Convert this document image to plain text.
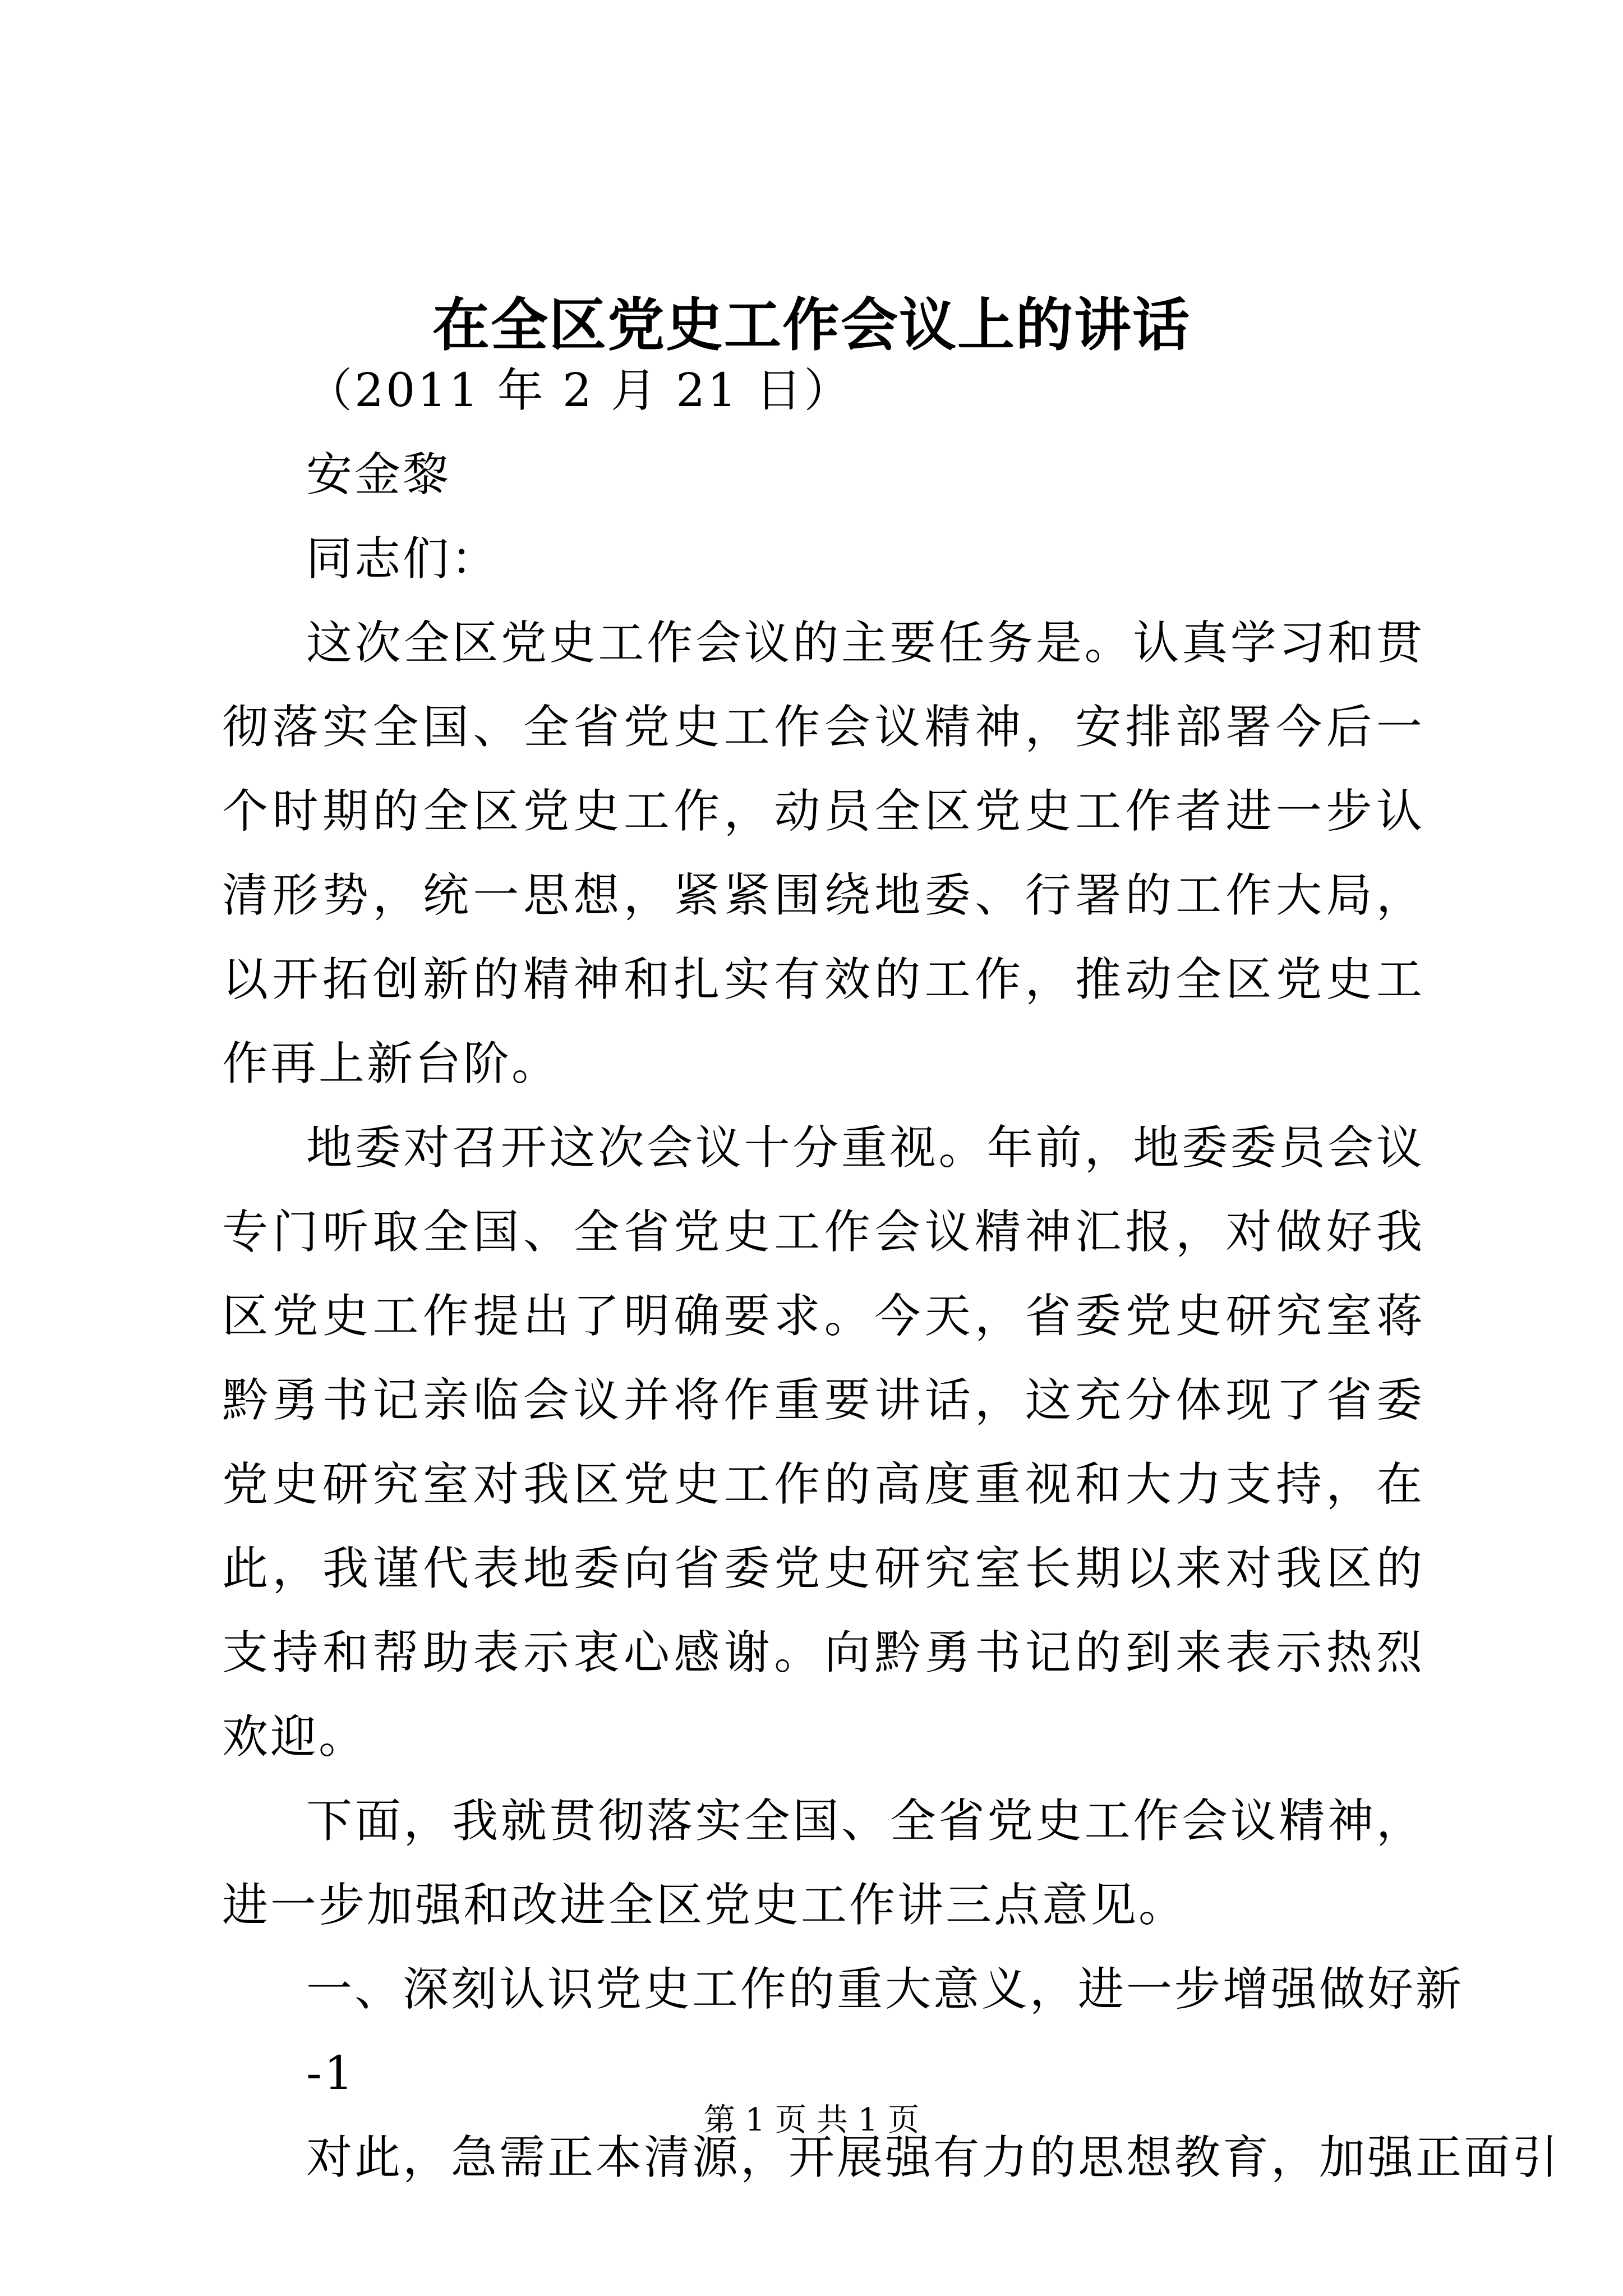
在全区党史工作会议上的讲话

（2011 年 2 月 21 日）

安金黎

同志们：

这次全区党史工作会议的主要任务是。认真学习和贯彻落实全国、全省党史工作会议精神，安排部署今后一个时期的全区党史工作，动员全区党史工作者进一步认清形势，统一思想，紧紧围绕地委、行署的工作大局，以开拓创新的精神和扎实有效的工作，推动全区党史工作再上新台阶。

地委对召开这次会议十分重视。年前，地委委员会议专门听取全国、全省党史工作会议精神汇报，对做好我区党史工作提出了明确要求。今天，省委党史研究室蒋黔勇书记亲临会议并将作重要讲话，这充分体现了省委党史研究室对我区党史工作的高度重视和大力支持，在此，我谨代表地委向省委党史研究室长期以来对我区的支持和帮助表示衷心感谢。向黔勇书记的到来表示热烈欢迎。

下面，我就贯彻落实全国、全省党史工作会议精神，进一步加强和改进全区党史工作讲三点意见。

一、深刻认识党史工作的重大意义，进一步增强做好新

-1

对此，急需正本清源，开展强有力的思想教育，加强正面引

第 1 页 共 1 页
